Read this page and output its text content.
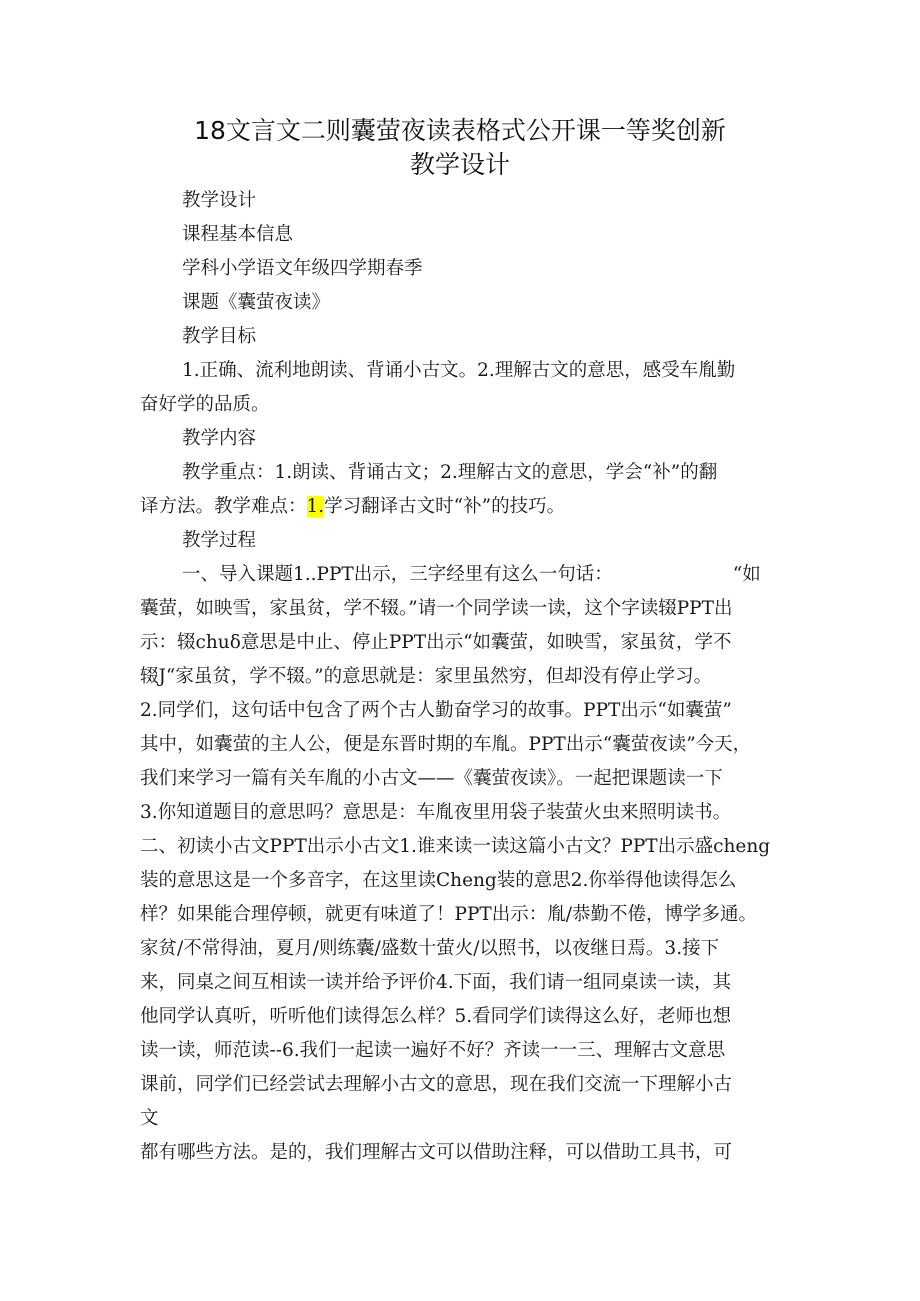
18文言文二则囊萤夜读表格式公开课一等奖创新
教学设计
教学设计
课程基本信息
学科小学语文年级四学期春季
课题《囊萤夜读》
教学目标
1.正确、流利地朗读、背诵小古文。2.理解古文的意思，感受车胤勤
奋好学的品质。
教学内容
教学重点：1.朗读、背诵古文；2.理解古文的意思，学会“补”的翻
译方法。教学难点：1.学习翻译古文时“补”的技巧。
教学过程
一、导入课题1..PPT出示，三字经里有这么一句话：	“如
囊萤，如映雪，家虽贫，学不辍。”请一个同学读一读，这个字读辍PPT出
示：辍chuδ意思是中止、停止PPT出示“如囊萤，如映雪，家虽贫，学不
辍J“家虽贫，学不辍。”的意思就是：家里虽然穷，但却没有停止学习。
2.同学们，这句话中包含了两个古人勤奋学习的故事。PPT出示“如囊萤”
其中，如囊萤的主人公，便是东晋时期的车胤。PPT出示“囊萤夜读”今天，
我们来学习一篇有关车胤的小古文——《囊萤夜读》。一起把课题读一下
3.你知道题目的意思吗？意思是：车胤夜里用袋子装萤火虫来照明读书。
二、初读小古文PPT出示小古文1.谁来读一读这篇小古文？PPT出示盛cheng
装的意思这是一个多音字，在这里读Cheng装的意思2.你举得他读得怎么
样？如果能合理停顿，就更有味道了！PPT出示：胤/恭勤不倦，博学多通。
家贫/不常得油，夏月/则练囊/盛数十萤火/以照书，以夜继日焉。3.接下
来，同桌之间互相读一读并给予评价4.下面，我们请一组同桌读一读，其
他同学认真听，听听他们读得怎么样？5.看同学们读得这么好，老师也想
读一读，师范读--6.我们一起读一遍好不好？齐读一一三、理解古文意思
课前，同学们已经尝试去理解小古文的意思，现在我们交流一下理解小古
文
都有哪些方法。是的，我们理解古文可以借助注释，可以借助工具书，可
